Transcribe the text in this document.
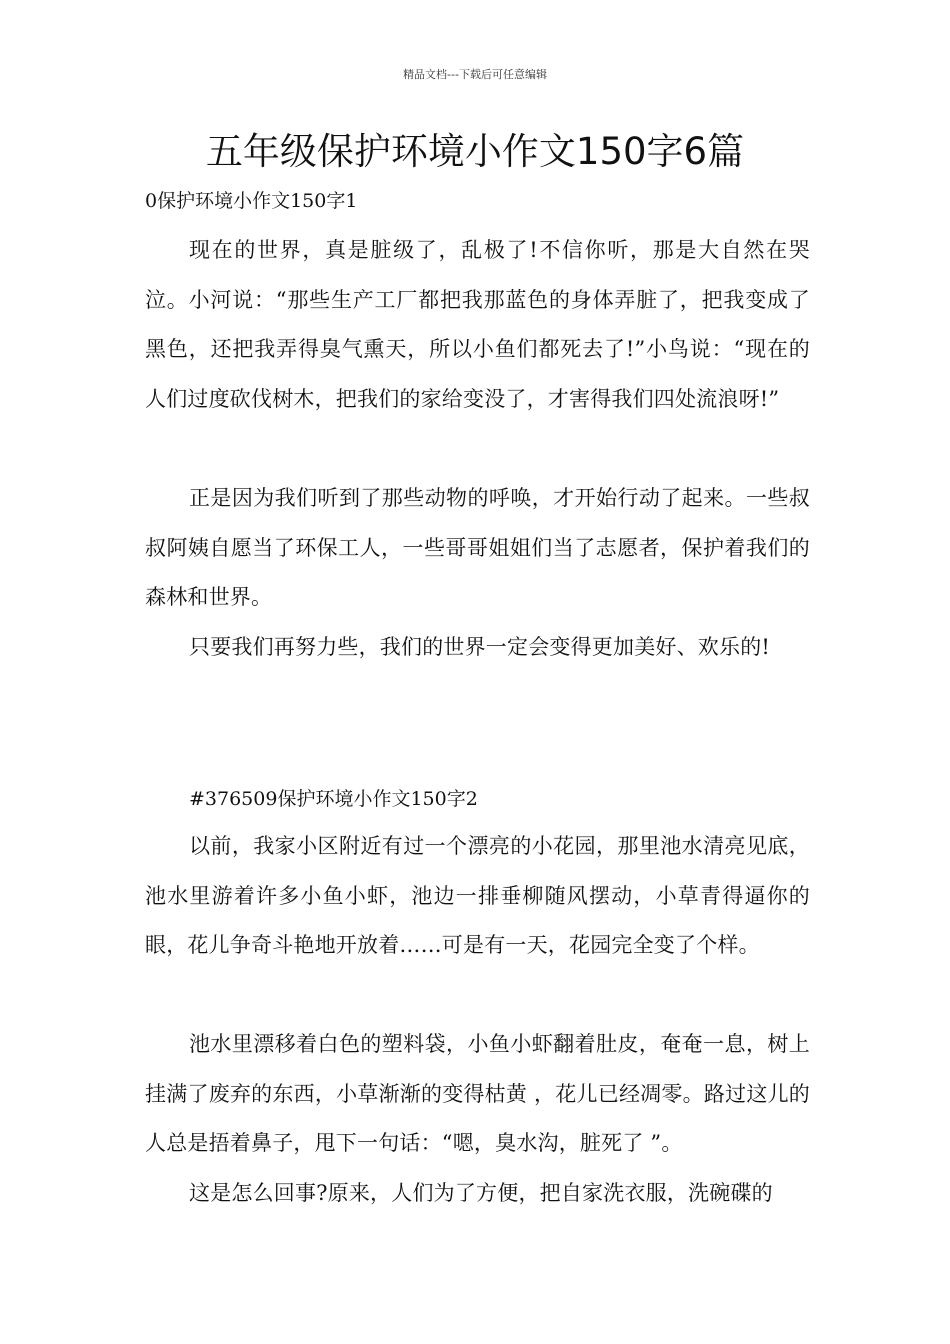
精品文档---下载后可任意编辑
五年级保护环境小作文150字6篇
0保护环境小作文150字1

现在的世界，真是脏级了，乱极了!不信你听，那是大自然在哭泣。小河说：“那些生产工厂都把我那蓝色的身体弄脏了，把我变成了黑色，还把我弄得臭气熏天，所以小鱼们都死去了!”小鸟说：“现在的人们过度砍伐树木，把我们的家给变没了，才害得我们四处流浪呀!”

正是因为我们听到了那些动物的呼唤，才开始行动了起来。一些叔叔阿姨自愿当了环保工人，一些哥哥姐姐们当了志愿者，保护着我们的森林和世界。

只要我们再努力些，我们的世界一定会变得更加美好、欢乐的!

#376509保护环境小作文150字2

以前，我家小区附近有过一个漂亮的小花园，那里池水清亮见底，池水里游着许多小鱼小虾，池边一排垂柳随风摆动，小草青得逼你的眼，花儿争奇斗艳地开放着……可是有一天，花园完全变了个样。

池水里漂移着白色的塑料袋，小鱼小虾翻着肚皮，奄奄一息，树上挂满了废弃的东西，小草渐渐的变得枯黄 ，花儿已经凋零。路过这儿的人总是捂着鼻子，甩下一句话：“嗯，臭水沟，脏死了 ”。

这是怎么回事?原来，人们为了方便，把自家洗衣服，洗碗碟的
